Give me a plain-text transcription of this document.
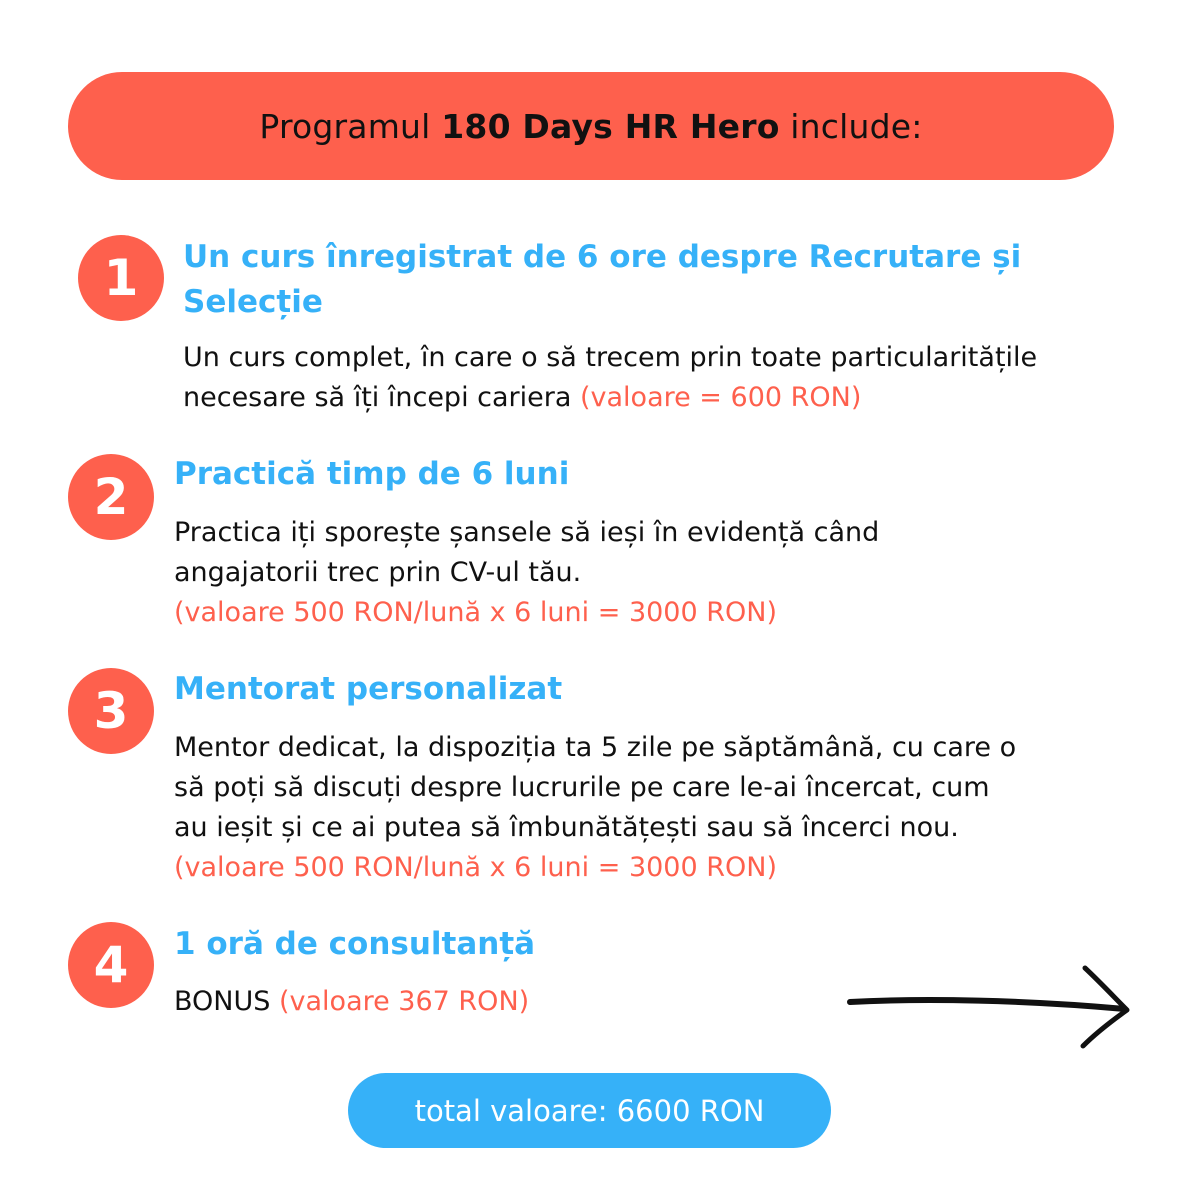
Programul
180 Days HR Hero
include:
1	Un curs înregistrat de 6 ore despre Recrutare și Selecție
Un curs complet, în care o să trecem prin toate particularitățile
necesare să îți începi cariera (valoare = 600 RON)
2	Practică timp de 6 luni
Practica iți sporește șansele să ieși în evidență când
angajatorii trec prin CV-ul tău.
(valoare 500 RON/lună x 6 luni = 3000 RON)
3	Mentorat personalizat
Mentor dedicat, la dispoziția ta 5 zile pe săptămână, cu care o
să poți să discuți despre lucrurile pe care le-ai încercat, cum
au ieșit și ce ai putea să îmbunătățești sau să încerci nou.
(valoare 500 RON/lună x 6 luni = 3000 RON)
4	1 oră de consultanță
BONUS (valoare 367 RON)
total valoare: 6600 RON
